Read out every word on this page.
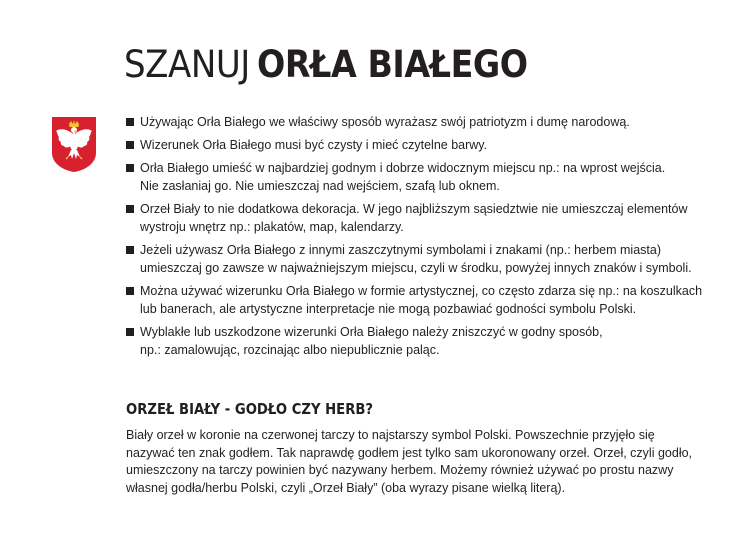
SZANUJ ORŁA BIAŁEGO
Używając Orła Białego we właściwy sposób wyrażasz swój patriotyzm i dumę narodową.
Wizerunek Orła Białego musi być czysty i mieć czytelne barwy.
Orła Białego umieść w najbardziej godnym i dobrze widocznym miejscu np.: na wprost wejścia.
Nie zasłaniaj go. Nie umieszczaj nad wejściem, szafą lub oknem.
Orzeł Biały to nie dodatkowa dekoracja. W jego najbliższym sąsiedztwie nie umieszczaj elementów
wystroju wnętrz np.: plakatów, map, kalendarzy.
Jeżeli używasz Orła Białego z innymi zaszczytnymi symbolami i znakami (np.: herbem miasta)
umieszczaj go zawsze w najważniejszym miejscu, czyli w środku, powyżej innych znaków i symboli.
Można używać wizerunku Orła Białego w formie artystycznej, co często zdarza się np.: na koszulkach
lub banerach, ale artystyczne interpretacje nie mogą pozbawiać godności symbolu Polski.
Wyblakłe lub uszkodzone wizerunki Orła Białego należy zniszczyć w godny sposób,
np.: zamalowując, rozcinając albo niepublicznie paląc.
ORZEŁ BIAŁY - GODŁO CZY HERB?

Biały orzeł w koronie na czerwonej tarczy to najstarszy symbol Polski. Powszechnie przyjęło się
nazywać ten znak godłem. Tak naprawdę godłem jest tylko sam ukoronowany orzeł. Orzeł, czyli godło,
umieszczony na tarczy powinien być nazywany herbem. Możemy również używać po prostu nazwy
własnej godła/herbu Polski, czyli „Orzeł Biały” (oba wyrazy pisane wielką literą).
